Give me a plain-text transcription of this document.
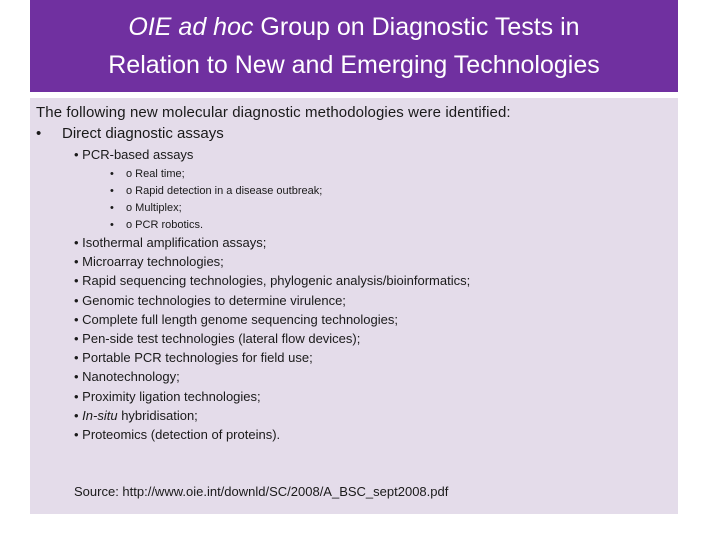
OIE ad hoc Group on Diagnostic Tests in
Relation to New and Emerging Technologies
The following new molecular diagnostic methodologies were identified:
• Direct diagnostic assays
• PCR-based assays
• o Real time;
• o Rapid detection in a disease outbreak;
• o Multiplex;
• o PCR robotics.
• Isothermal amplification assays;
• Microarray technologies;
• Rapid sequencing technologies, phylogenic analysis/bioinformatics;
• Genomic technologies to determine virulence;
• Complete full length genome sequencing technologies;
• Pen-side test technologies (lateral flow devices);
• Portable PCR technologies for field use;
• Nanotechnology;
• Proximity ligation technologies;
• In-situ hybridisation;
• Proteomics (detection of proteins).
Source: http://www.oie.int/downld/SC/2008/A_BSC_sept2008.pdf
